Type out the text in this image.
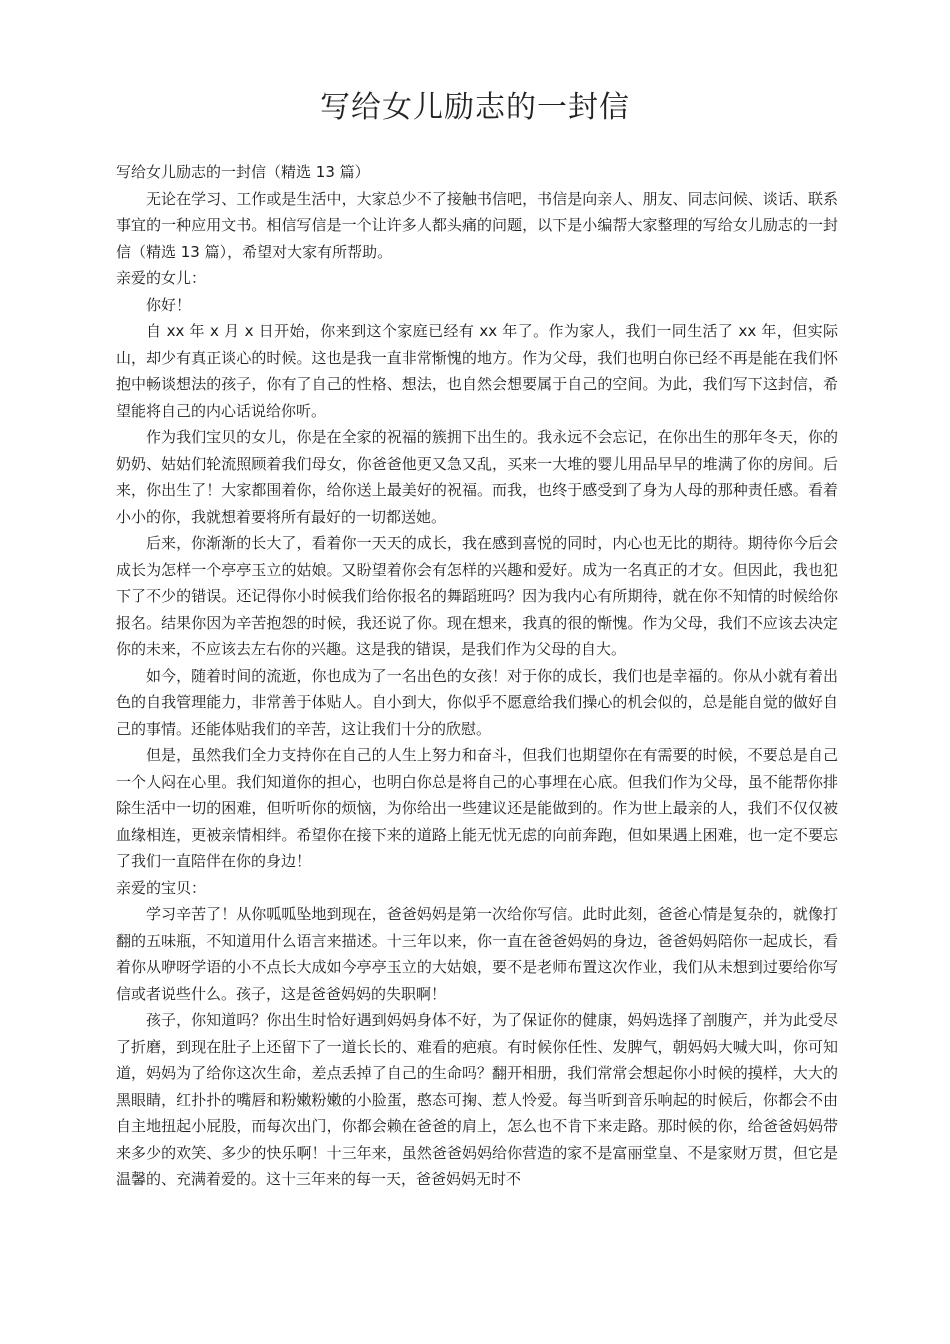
写给女儿励志的一封信

写给女儿励志的一封信（精选 13 篇）

无论在学习、工作或是生活中，大家总少不了接触书信吧，书信是向亲人、朋友、同志问候、谈话、联系事宜的一种应用文书。相信写信是一个让许多人都头痛的问题，以下是小编帮大家整理的写给女儿励志的一封信（精选 13 篇），希望对大家有所帮助。

亲爱的女儿：

你好！

自 xx 年 x 月 x 日开始，你来到这个家庭已经有 xx 年了。作为家人，我们一同生活了 xx 年，但实际山，却少有真正谈心的时候。这也是我一直非常惭愧的地方。作为父母，我们也明白你已经不再是能在我们怀抱中畅谈想法的孩子，你有了自己的性格、想法，也自然会想要属于自己的空间。为此，我们写下这封信，希望能将自己的内心话说给你听。

作为我们宝贝的女儿，你是在全家的祝福的簇拥下出生的。我永远不会忘记，在你出生的那年冬天，你的奶奶、姑姑们轮流照顾着我们母女，你爸爸他更又急又乱，买来一大堆的婴儿用品早早的堆满了你的房间。后来，你出生了！大家都围着你，给你送上最美好的祝福。而我，也终于感受到了身为人母的那种责任感。看着小小的你，我就想着要将所有最好的一切都送她。

后来，你渐渐的长大了，看着你一天天的成长，我在感到喜悦的同时，内心也无比的期待。期待你今后会成长为怎样一个亭亭玉立的姑娘。又盼望着你会有怎样的兴趣和爱好。成为一名真正的才女。但因此，我也犯下了不少的错误。还记得你小时候我们给你报名的舞蹈班吗？因为我内心有所期待，就在你不知情的时候给你报名。结果你因为辛苦抱怨的时候，我还说了你。现在想来，我真的很的惭愧。作为父母，我们不应该去决定你的未来，不应该去左右你的兴趣。这是我的错误，是我们作为父母的自大。

如今，随着时间的流逝，你也成为了一名出色的女孩！对于你的成长，我们也是幸福的。你从小就有着出色的自我管理能力，非常善于体贴人。自小到大，你似乎不愿意给我们操心的机会似的，总是能自觉的做好自己的事情。还能体贴我们的辛苦，这让我们十分的欣慰。

但是，虽然我们全力支持你在自己的人生上努力和奋斗，但我们也期望你在有需要的时候，不要总是自己一个人闷在心里。我们知道你的担心，也明白你总是将自己的心事埋在心底。但我们作为父母，虽不能帮你排除生活中一切的困难，但听听你的烦恼，为你给出一些建议还是能做到的。作为世上最亲的人，我们不仅仅被血缘相连，更被亲情相绊。希望你在接下来的道路上能无忧无虑的向前奔跑，但如果遇上困难，也一定不要忘了我们一直陪伴在你的身边！

亲爱的宝贝：

学习辛苦了！从你呱呱坠地到现在，爸爸妈妈是第一次给你写信。此时此刻，爸爸心情是复杂的，就像打翻的五味瓶，不知道用什么语言来描述。十三年以来，你一直在爸爸妈妈的身边，爸爸妈妈陪你一起成长，看着你从咿呀学语的小不点长大成如今亭亭玉立的大姑娘，要不是老师布置这次作业，我们从未想到过要给你写信或者说些什么。孩子，这是爸爸妈妈的失职啊！

孩子，你知道吗？你出生时恰好遇到妈妈身体不好，为了保证你的健康，妈妈选择了剖腹产，并为此受尽了折磨，到现在肚子上还留下了一道长长的、难看的疤痕。有时候你任性、发脾气，朝妈妈大喊大叫，你可知道，妈妈为了给你这次生命，差点丢掉了自己的生命吗？翻开相册，我们常常会想起你小时候的摸样，大大的黑眼睛，红扑扑的嘴唇和粉嫩粉嫩的小脸蛋，憨态可掬、惹人怜爱。每当听到音乐响起的时候后，你都会不由自主地扭起小屁股，而每次出门，你都会赖在爸爸的肩上，怎么也不肯下来走路。那时候的你，给爸爸妈妈带来多少的欢笑、多少的快乐啊！十三年来，虽然爸爸妈妈给你营造的家不是富丽堂皇、不是家财万贯，但它是温馨的、充满着爱的。这十三年来的每一天，爸爸妈妈无时不
